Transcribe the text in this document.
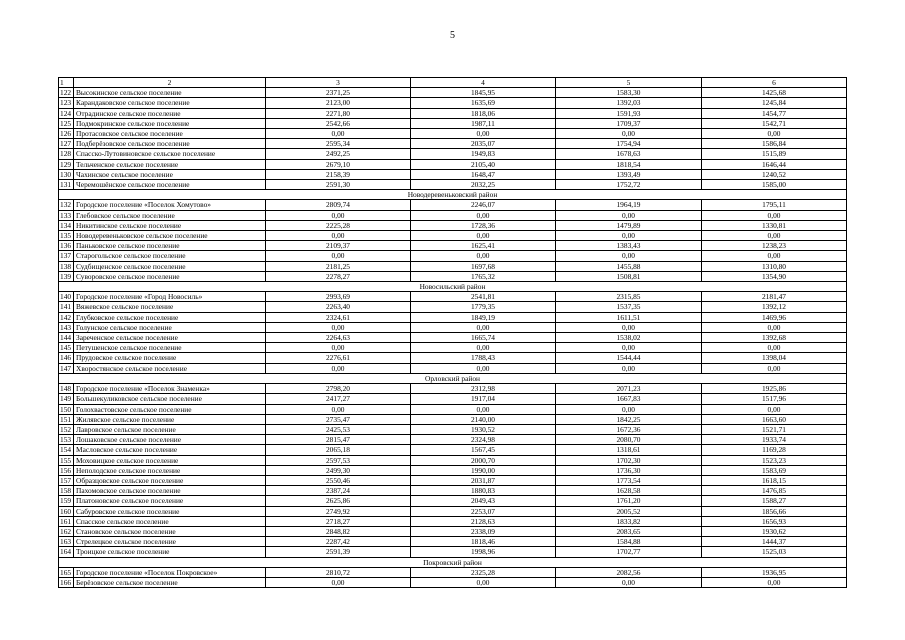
5
1	2	3	4	5	6
122	Высокинское сельское поселение	2371,25	1845,95	1583,30	1425,68
123	Карандаковское сельское поселение	2123,00	1635,69	1392,03	1245,84
124	Отрадинское сельское поселение	2271,80	1818,06	1591,93	1454,77
125	Подмокринское сельское поселение	2542,66	1987,11	1709,37	1542,71
126	Протасовское сельское поселение	0,00	0,00	0,00	0,00
127	Подберёзовское сельское поселение	2595,34	2035,07	1754,94	1586,84
128	Спасско-Лутовиновское сельское поселение	2492,25	1949,83	1678,63	1515,89
129	Тельченское сельское поселение	2679,10	2105,40	1818,54	1646,44
130	Чахинское сельское поселение	2158,39	1648,47	1393,49	1240,52
131	Черемошёнское сельское поселение	2591,30	2032,25	1752,72	1585,00
Новодеревеньковский район					
132	Городское поселение «Поселок Хомутово»	2809,74	2246,07	1964,19	1795,11
133	Глебовское сельское поселение	0,00	0,00	0,00	0,00
134	Никитинское сельское поселение	2225,28	1728,36	1479,89	1330,81
135	Новодеревеньковское сельское поселение	0,00	0,00	0,00	0,00
136	Паньковское сельское поселение	2109,37	1625,41	1383,43	1238,23
137	Старогольское сельское поселение	0,00	0,00	0,00	0,00
138	Судбищенское сельское поселение	2181,25	1697,68	1455,88	1310,80
139	Суворовское сельское поселение	2278,27	1765,32	1508,81	1354,90
Новосильский район					
140	Городское поселение «Город Новосиль»	2993,69	2541,81	2315,85	2181,47
141	Вяжевское сельское поселение	2263,40	1779,35	1537,35	1392,12
142	Глубковское сельское поселение	2324,61	1849,19	1611,51	1469,96
143	Голунское сельское поселение	0,00	0,00	0,00	0,00
144	Зареченское сельское поселение	2264,63	1665,74	1538,02	1392,68
145	Петушенское сельское поселение	0,00	0,00	0,00	0,00
146	Прудовское сельское поселение	2276,61	1788,43	1544,44	1398,04
147	Хворостянское сельское поселение	0,00	0,00	0,00	0,00
Орловский район					
148	Городское поселение «Поселок Знаменка»	2798,20	2312,98	2071,23	1925,86
149	Большекуликовское сельское поселение	2417,27	1917,04	1667,83	1517,96
150	Голохвастовское сельское поселение	0,00	0,00	0,00	0,00
151	Жилявское сельское поселение	2735,47	2140,00	1842,25	1663,60
152	Лавровское сельское поселение	2425,53	1930,52	1672,36	1521,71
153	Лошаковское сельское поселение	2815,47	2324,98	2080,70	1933,74
154	Масловское сельское поселение	2065,18	1567,45	1318,61	1169,28
155	Моховицкое сельское поселение	2597,53	2000,70	1702,30	1523,23
156	Неполодское сельское поселение	2499,30	1990,00	1736,30	1583,69
157	Образцовское сельское поселение	2550,46	2031,87	1773,54	1618,15
158	Пахомовское сельское поселение	2387,24	1880,83	1628,58	1476,85
159	Платоновское сельское поселение	2625,86	2049,43	1761,20	1588,27
160	Сабуровское сельское поселение	2749,92	2253,07	2005,52	1856,66
161	Спасское сельское поселение	2718,27	2128,63	1833,82	1656,93
162	Становское сельское поселение	2848,82	2338,09	2083,65	1930,62
163	Стрелецкое сельское поселение	2287,42	1818,46	1584,88	1444,37
164	Троицкое сельское поселение	2591,39	1998,96	1702,77	1525,03
Покровский район					
165	Городское поселение «Поселок Покровское»	2810,72	2325,28	2082,56	1936,95
166	Берёзовское сельское поселение	0,00	0,00	0,00	0,00
